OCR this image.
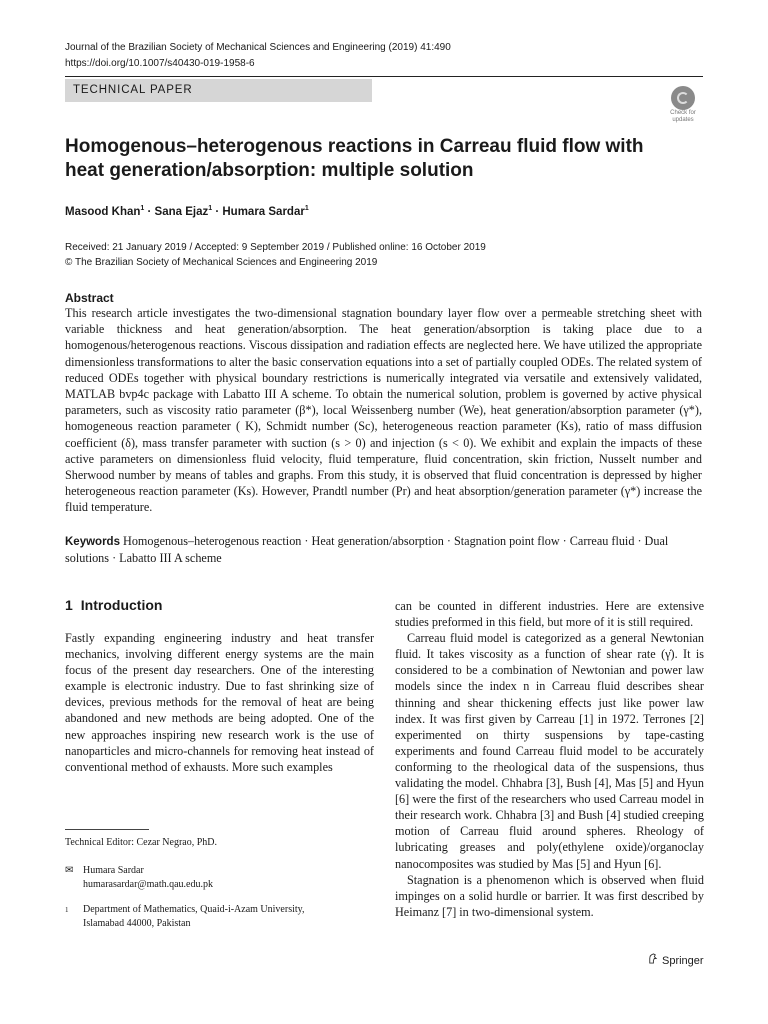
Journal of the Brazilian Society of Mechanical Sciences and Engineering (2019) 41:490
https://doi.org/10.1007/s40430-019-1958-6
TECHNICAL PAPER
Check for
updates
Homogenous–heterogenous reactions in Carreau fluid flow with heat generation/absorption: multiple solution
Masood Khan$^1$ · Sana Ejaz$^1$ · Humara Sardar$^1$
Received: 21 January 2019 / Accepted: 9 September 2019 / Published online: 16 October 2019
© The Brazilian Society of Mechanical Sciences and Engineering 2019
Abstract
This research article investigates the two-dimensional stagnation boundary layer flow over a permeable stretching sheet with variable thickness and heat generation/absorption. The heat generation/absorption is taking place due to a homogenous/heterogenous reactions. Viscous dissipation and radiation effects are neglected here. We have utilized the appropriate dimensionless transformations to alter the basic conservation equations into a set of partially coupled ODEs. The related system of reduced ODEs together with physical boundary restrictions is numerically integrated via versatile and extensively validated, MATLAB bvp4c package with Labatto III A scheme. To obtain the numerical solution, problem is governed by active physical parameters, such as viscosity ratio parameter (β*), local Weissenberg number (We), heat generation/absorption parameter (γ*), homogeneous reaction parameter ( K), Schmidt number (Sc), heterogeneous reaction parameter (Ks), ratio of mass diffusion coefficient (δ), mass transfer parameter with suction (s > 0) and injection (s < 0). We exhibit and explain the impacts of these active parameters on dimensionless fluid velocity, fluid temperature, fluid concentration, skin friction, Nusselt number and Sherwood number by means of tables and graphs. From this study, it is observed that fluid concentration is depressed by higher heterogeneous reaction parameter (Ks). However, Prandtl number (Pr) and heat absorption/generation parameter (γ*) increase the fluid temperature.
Keywords Homogenous–heterogenous reaction · Heat generation/absorption · Stagnation point flow · Carreau fluid · Dual solutions · Labatto III A scheme
1 Introduction

Fastly expanding engineering industry and heat transfer mechanics, involving different energy systems are the main focus of the present day researchers. One of the interesting example is electronic industry. Due to fast shrinking size of devices, previous methods for the removal of heat are being abandoned and new methods are being adopted. One of the new approaches inspiring new research work is the use of nanoparticles and micro-channels for removing heat instead of conventional method of exhausts. More such examples

can be counted in different industries. Here are extensive studies preformed in this field, but more of it is still required.

Carreau fluid model is categorized as a general Newtonian fluid. It takes viscosity as a function of shear rate (γ̇). It is considered to be a combination of Newtonian and power law models since the index n in Carreau fluid describes shear thinning and shear thickening effects just like power law index. It was first given by Carreau [1] in 1972. Terrones [2] experimented on thirty suspensions by tape-casting experiments and found Carreau fluid model to be accurately conforming to the rheological data of the suspensions, thus validating the model. Chhabra [3], Bush [4], Mas [5] and Hyun [6] were the first of the researchers who used Carreau model in their research work. Chhabra [3] and Bush [4] studied creeping motion of Carreau fluid around spheres. Rheology of lubricating greases and poly(ethylene oxide)/organoclay nanocomposites was studied by Mas [5] and Hyun [6].

Stagnation is a phenomenon which is observed when fluid impinges on a solid hurdle or barrier. It was first described by Heimanz [7] in two-dimensional system.

Technical Editor: Cezar Negrao, PhD.
✉ Humara Sardar
humarasardar@math.qau.edu.pk
1 Department of Mathematics, Quaid-i-Azam University,
Islamabad 44000, Pakistan
Springer
